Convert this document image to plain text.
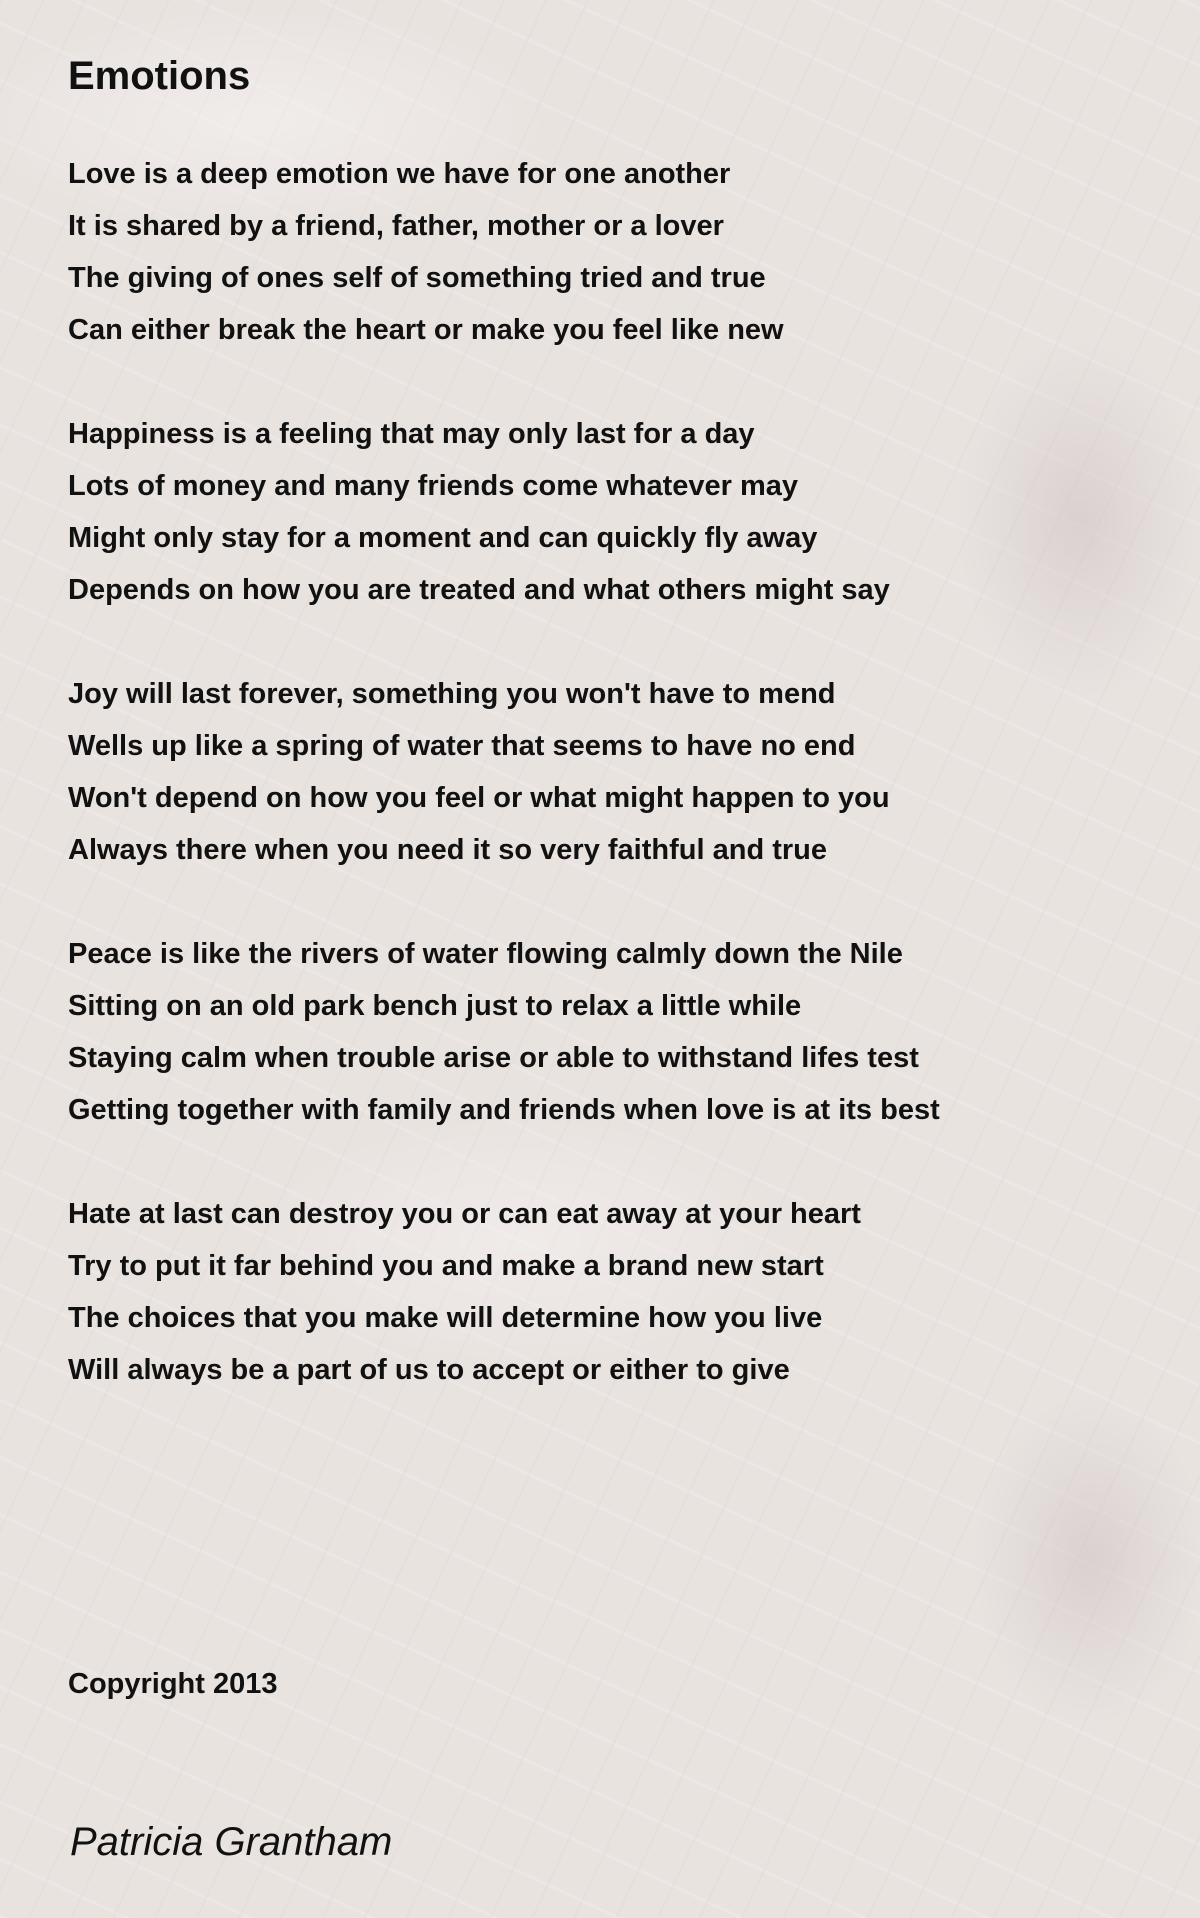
Emotions
Love is a deep emotion we have for one another
It is shared by a friend, father, mother or a lover
The giving of ones self of something tried and true
Can either break the heart or make you feel like new
Happiness is a feeling that may only last for a day
Lots of money and many friends come whatever may
Might only stay for a moment and can quickly fly away
Depends on how you are treated and what others might say
Joy will last forever, something you won't have to mend
Wells up like a spring of water that seems to have no end
Won't depend on how you feel or what might happen to you
Always there when you need it so very faithful and true
Peace is like the rivers of water flowing calmly down the Nile
Sitting on an old park bench just to relax a little while
Staying calm when trouble arise or able to withstand lifes test
Getting together with family and friends when love is at its best
Hate at last can destroy you or can eat away at your heart
Try to put it far behind you and make a brand new start
The choices that you make will determine how you live
Will always be a part of us to accept or either to give
Copyright 2013
Patricia Grantham
